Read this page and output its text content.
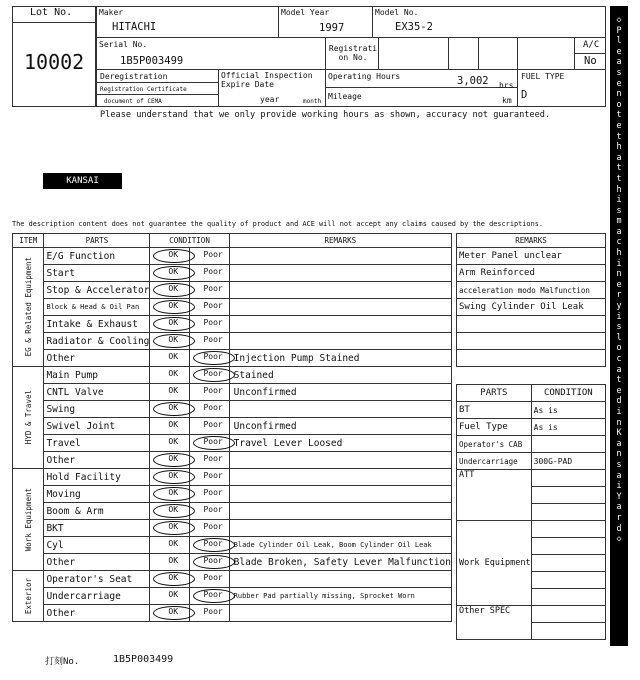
Lot No.
10002
Maker
HITACHI
Model Year
1997
Model No.
EX35-2
Serial No.
1B5P003499
Registrati on No.
A/C
No
Deregistration
Registration Certificate
document of CEMA
Official Inspection Expire Date
year	month
Operating Hours	3,002 hrs
Mileage	km
FUEL TYPE
D
Please understand that we only provide working hours as shown, accuracy not guaranteed.
KANSAI
The description content does not guarantee the quality of product and ACE will not accept any claims caused by the descriptions.
ITEM	PARTS	CONDITION		REMARKS

EG & Related Equipment	E/G Function	OK	Poor	

	Start	OK	Poor	

	Stop & Accelerator	OK	Poor	

	Block & Head & Oil Pan	OK	Poor	

	Intake & Exhaust	OK	Poor	

	Radiator & Cooling	OK	Poor	

	Other	OK	Poor	Injection Pump Stained

HYD & Travel	Main Pump	OK	Poor	Stained
	CNTL Valve	OK	Poor	Unconfirmed
	Swing	OK	Poor	

	Swivel Joint	OK	Poor	Unconfirmed
	Travel	OK	Poor	Travel Lever Loosed
	Other	OK	Poor	

Work Equipment	Hold Facility	OK	Poor	

	Moving	OK	Poor	

	Boom & Arm	OK	Poor	

	BKT	OK	Poor	

	Cyl	OK	Poor	Blade Cylinder Oil Leak, Boom Cylinder Oil Leak
	Other	OK	Poor	Blade Broken, Safety Lever Malfunction

Exterior	Operator's Seat	OK	Poor	

	Undercarriage	OK	Poor	Rubber Pad partially missing, Sprocket Worn
	Other	OK	Poor	

REMARKS
Meter Panel unclear
Arm Reinforced
acceleration modo Malfunction
Swing Cylinder Oil Leak

PARTS	CONDITION
BT	As is
Fuel Type	As is
Operator's CAB	
Undercarriage	300G-PAD
ATT	

Work Equipment	

Other SPEC	

◇ Please note that this machinery is located in Kansai Yard ◇
打刻No.	1B5P003499
